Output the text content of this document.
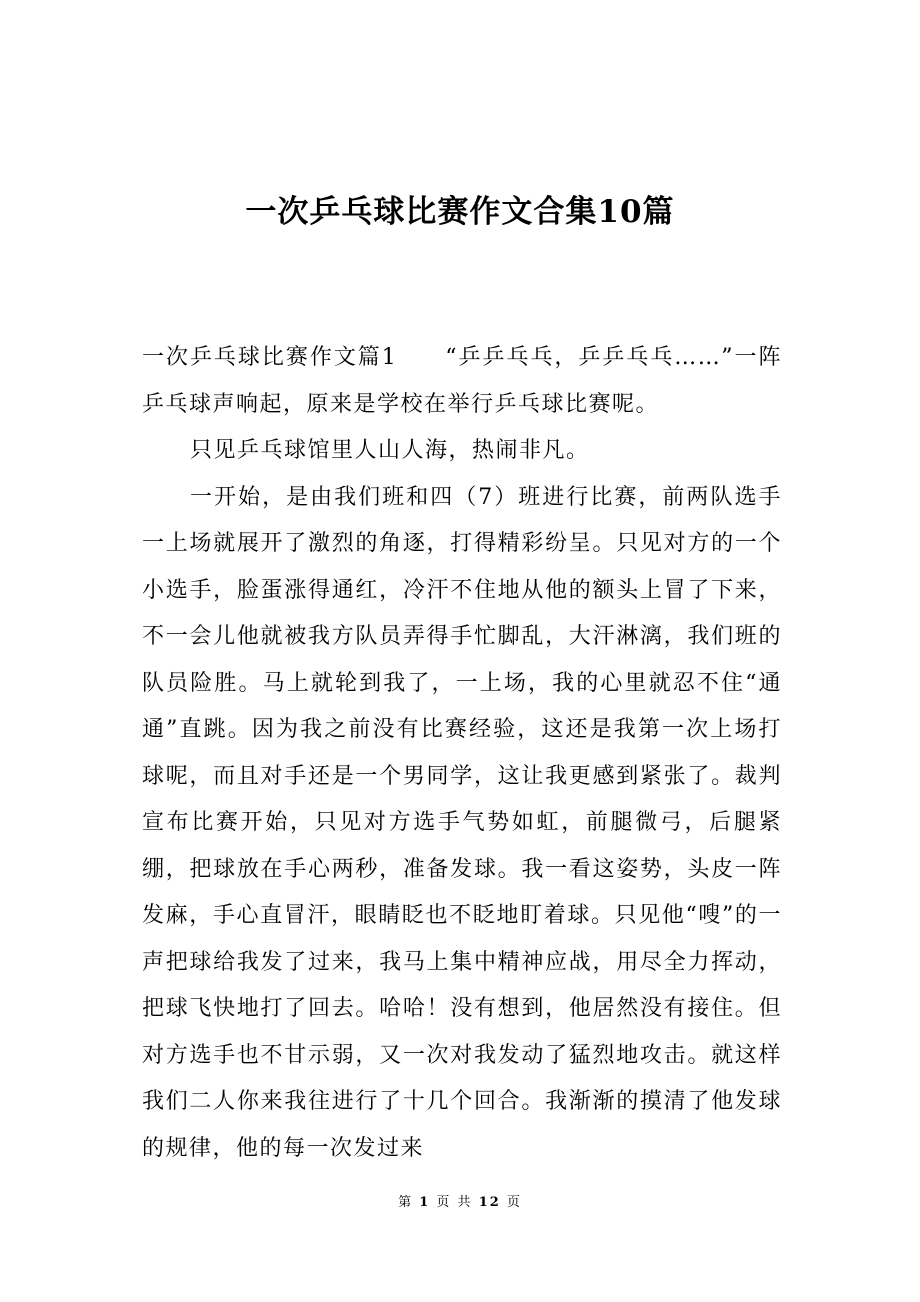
一次乒乓球比赛作文合集10篇

一次乒乓球比赛作文篇1 “乒乒乓乓，乒乒乓乓……”一阵乒乓球声响起，原来是学校在举行乒乓球比赛呢。

只见乒乓球馆里人山人海，热闹非凡。

一开始，是由我们班和四（7）班进行比赛，前两队选手一上场就展开了激烈的角逐，打得精彩纷呈。只见对方的一个小选手，脸蛋涨得通红，冷汗不住地从他的额头上冒了下来，不一会儿他就被我方队员弄得手忙脚乱，大汗淋漓，我们班的队员险胜。马上就轮到我了，一上场，我的心里就忍不住“通通”直跳。因为我之前没有比赛经验，这还是我第一次上场打球呢，而且对手还是一个男同学，这让我更感到紧张了。裁判宣布比赛开始，只见对方选手气势如虹，前腿微弓，后腿紧绷，把球放在手心两秒，准备发球。我一看这姿势，头皮一阵发麻，手心直冒汗，眼睛眨也不眨地盯着球。只见他“嗖”的一声把球给我发了过来，我马上集中精神应战，用尽全力挥动，把球飞快地打了回去。哈哈！没有想到，他居然没有接住。但对方选手也不甘示弱，又一次对我发动了猛烈地攻击。就这样我们二人你来我往进行了十几个回合。我渐渐的摸清了他发球的规律，他的每一次发过来

第 1 页 共 12 页
